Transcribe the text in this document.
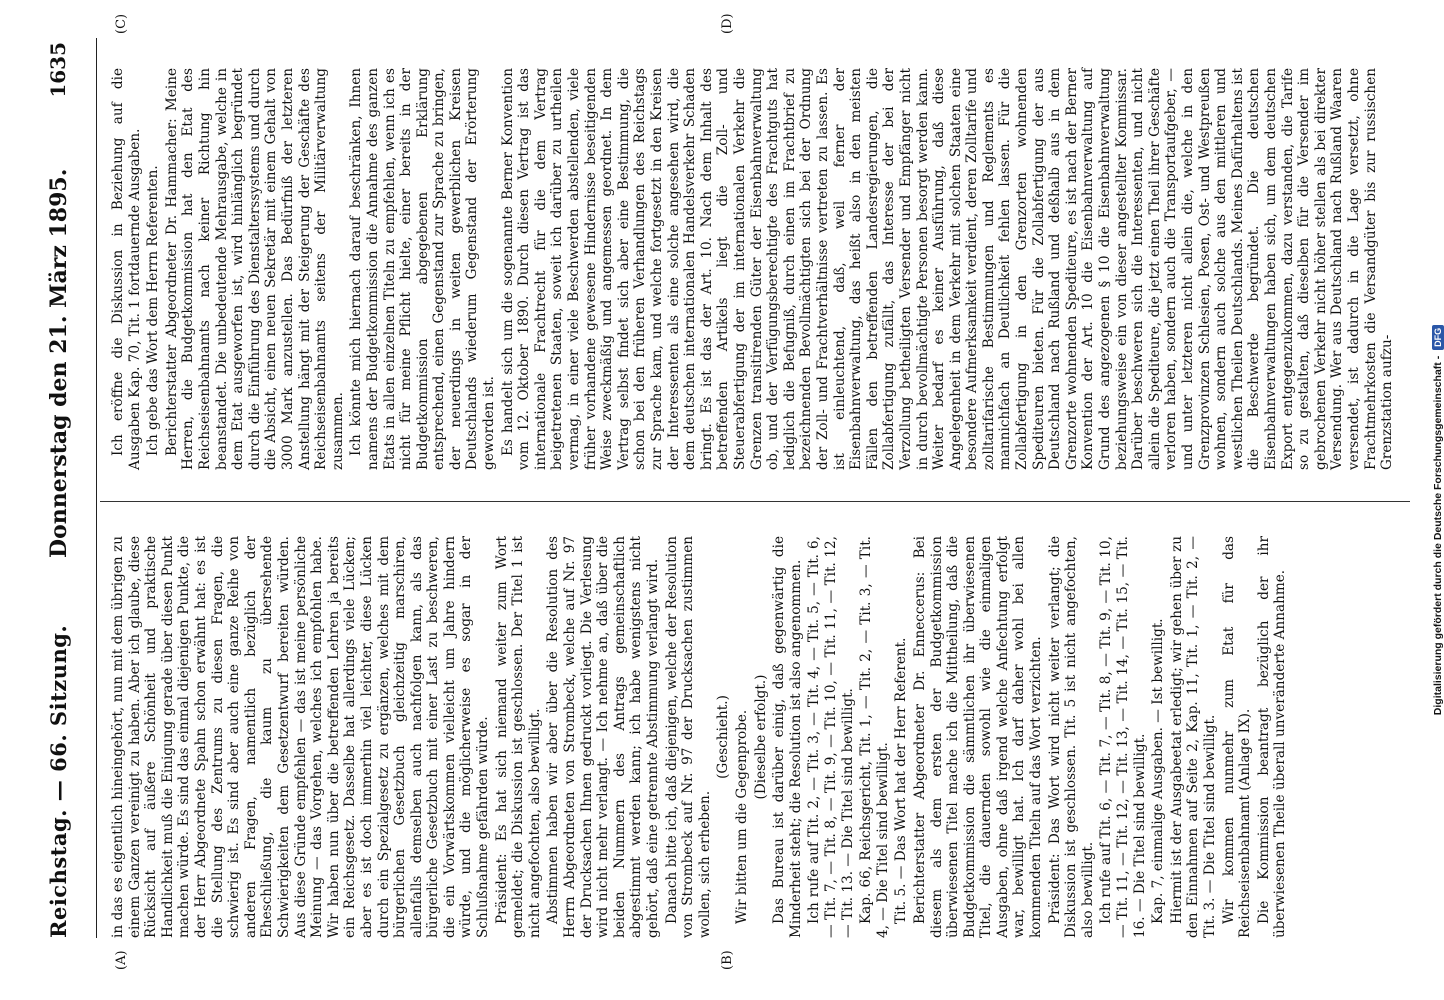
Reichstag. — 66. Sitzung.
Donnerstag den 21. März 1895.
1635
(A)	(B)
(C)	(D)

in das es eigentlich hineingehört, nun mit dem übrigen zu einem Ganzen vereinigt zu haben. Aber ich glaube, diese Rücksicht auf äußere Schönheit und praktische Handlichkeit muß die Einigung gerade über diesen Punkt machen würde. Es sind das einmal diejenigen Punkte, die der Herr Abgeordnete Spahn schon erwähnt hat: es ist die Stellung des Zentrums zu diesen Fragen, die schwierig ist. Es sind aber auch eine ganze Reihe von anderen Fragen, namentlich bezüglich der Eheschließung, die kaum zu übersehende Schwierigkeiten dem Gesetzentwurf bereiten würden. Aus diese Gründe empfehlen — das ist meine persönliche Meinung — das Vorgehen, welches ich empfohlen habe. Wir haben nun über die betreffenden Lehren ja bereits ein Reichsgesetz. Dasselbe hat allerdings viele Lücken; aber es ist doch immerhin viel leichter, diese Lücken durch ein Spezialgesetz zu ergänzen, welches mit dem bürgerlichen Gesetzbuch gleichzeitig marschiren, allenfalls demselben auch nachfolgen kann, als das bürgerliche Gesetzbuch mit einer Last zu beschweren, die ein Vorwärtskommen vielleicht um Jahre hindern würde, und die möglicherweise es sogar in der Schlußnahme gefährden würde. Präsident: Es hat sich niemand weiter zum Wort gemeldet; die Diskussion ist geschlossen. Der Titel 1 ist nicht angefochten, also bewilligt. Abstimmen haben wir aber über die Resolution des Herrn Abgeordneten von Strombeck, welche auf Nr. 97 der Drucksachen Ihnen gedruckt vorliegt. Die Verlesung wird nicht mehr verlangt. — Ich nehme an, daß über die beiden Nummern des Antrags gemeinschaftlich abgestimmt werden kann; ich habe wenigstens nicht gehört, daß eine getrennte Abstimmung verlangt wird. Danach bitte ich, daß diejenigen, welche der Resolution von Strombeck auf Nr. 97 der Drucksachen zustimmen wollen, sich erheben.

(Geschieht.) Wir bitten um die Gegenprobe. (Dieselbe erfolgt.) Das Bureau ist darüber einig, daß gegenwärtig die Minderheit steht; die Resolution ist also angenommen. Ich rufe auf Tit. 2, — Tit. 3, — Tit. 4, — Tit. 5, — Tit. 6, — Tit. 7, — Tit. 8, — Tit. 9, — Tit. 10, — Tit. 11, — Tit. 12, — Tit. 13. — Die Titel sind bewilligt. Kap. 66, Reichsgericht, Tit. 1, — Tit. 2, — Tit. 3, — Tit. 4, — Die Titel sind bewilligt. Tit. 5. — Das Wort hat der Herr Referent. Berichterstatter Abgeordneter Dr. Enneccerus: Bei diesem als dem ersten der Budgetkommission überwiesenen Titel mache ich die Mittheilung, daß die Budgetkommission die sämmtlichen ihr überwiesenen Titel, die dauernden sowohl wie die einmaligen Ausgaben, ohne daß irgend welche Anfechtung erfolgt war, bewilligt hat. Ich darf daher wohl bei allen kommenden Titeln auf das Wort verzichten. Präsident: Das Wort wird nicht weiter verlangt; die Diskussion ist geschlossen. Tit. 5 ist nicht angefochten, also bewilligt. Ich rufe auf Tit. 6, — Tit. 7, — Tit. 8, — Tit. 9, — Tit. 10, — Tit. 11, — Tit. 12, — Tit. 13, — Tit. 14, — Tit. 15, — Tit. 16. — Die Titel sind bewilligt. Kap. 7, einmalige Ausgaben. — Ist bewilligt. Hiermit ist der Ausgabeetat erledigt; wir gehen über zu den Einnahmen auf Seite 2, Kap. 11, Tit. 1, — Tit. 2, — Tit. 3. — Die Titel sind bewilligt. Wir kommen nunmehr zum Etat für das Reichseisenbahnamt (Anlage IX). Die Kommission beantragt bezüglich der ihr überwiesenen Theile überall unveränderte Annahme.

Ich eröffne die Diskussion in Beziehung auf die Ausgaben Kap. 70, Tit. 1 fortdauernde Ausgaben. Ich gebe das Wort dem Herrn Referenten. Berichterstatter Abgeordneter Dr. Hammacher: Meine Herren, die Budgetkommission hat den Etat des Reichseisenbahnamts nach keiner Richtung hin beanstandet. Die unbedeutende Mehrausgabe, welche in dem Etat ausgeworfen ist, wird hinlänglich begründet durch die Einführung des Dienstalterssystems und durch die Absicht, einen neuen Sekretär mit einem Gehalt von 3000 Mark anzustellen. Das Bedürfniß der letzteren Anstellung hängt mit der Steigerung der Geschäfte des Reichseisenbahnamts seitens der Militärverwaltung zusammen. Ich könnte mich hiernach darauf beschränken, Ihnen namens der Budgetkommission die Annahme des ganzen Etats in allen einzelnen Titeln zu empfehlen, wenn ich es nicht für meine Pflicht hielte, einer bereits in der Budgetkommission abgegebenen Erklärung entsprechend, einen Gegenstand zur Sprache zu bringen, der neuerdings in weiten gewerblichen Kreisen Deutschlands wiederum Gegenstand der Erörterung geworden ist. Es handelt sich um die sogenannte Berner Konvention vom 12. Oktober 1890. Durch diesen Vertrag ist das internationale Frachtrecht für die dem Vertrag beigetretenen Staaten, soweit ich darüber zu urtheilen vermag, in einer viele Beschwerden abstellenden, viele früher vorhandene gewesene Hindernisse beseitigenden Weise zweckmäßig und angemessen geordnet. In dem Vertrag selbst findet sich aber eine Bestimmung, die schon bei den früheren Verhandlungen des Reichstags zur Sprache kam, und welche fortgesetzt in den Kreisen der Interessenten als eine solche angesehen wird, die dem deutschen internationalen Handelsverkehr Schaden bringt. Es ist das der Art. 10. Nach dem Inhalt des betreffenden Artikels liegt die Zoll- und Steuerabfertigung der im internationalen Verkehr die Grenzen transitirenden Güter der Eisenbahnverwaltung ob, und der Verfügungsberechtigte des Frachtguts hat lediglich die Befugniß, durch einen im Frachtbrief zu bezeichnenden Bevollmächtigten sich bei der Ordnung der Zoll- und Frachtverhältnisse vertreten zu lassen. Es ist einleuchtend, daß, weil ferner der Eisenbahnverwaltung, das heißt also in den meisten Fällen den betreffenden Landesregierungen, die Zollabfertigung zufällt, das Interesse der bei der Verzollung betheiligten Versender und Empfänger nicht in durch bevollmächtigte Personen besorgt werden kann. Weiter bedarf es keiner Ausführung, daß diese Angelegenheit in dem Verkehr mit solchen Staaten eine besondere Aufmerksamkeit verdient, deren Zolltarife und zolltarifarische Bestimmungen und Reglements es mannichfach an Deutlichkeit fehlen lassen. Für die Zollabfertigung in den Grenzorten wohnenden Spediteuren bieten. Für die Zollabfertigung der aus Deutschland nach Rußland und deßhalb aus in dem Grenzorte wohnenden Spediteure, es ist nach der Berner Konvention der Art. 10 die Eisenbahnverwaltung auf Grund des angezogenen § 10 die Eisenbahnverwaltung beziehungsweise ein von dieser angestellter Kommissar. Darüber beschweren sich die Interessenten, und nicht allein die Spediteure, die jetzt einen Theil ihrer Geschäfte verloren haben, sondern auch die Transportaufgeber, — und unter letzteren nicht allein die, welche in den Grenzprovinzen Schlesien, Posen, Ost- und Westpreußen wohnen, sondern auch solche aus den mittleren und westlichen Theilen Deutschlands. Meines Dafürhaltens ist die Beschwerde begründet. Die deutschen Eisenbahnverwaltungen haben sich, um dem deutschen Export entgegenzukommen, dazu verstanden, die Tarife so zu gestalten, daß dieselben für die Versender im gebrochenen Verkehr nicht höher stellen als bei direkter Versendung. Wer aus Deutschland nach Rußland Waaren versendet, ist dadurch in die Lage versetzt, ohne Frachtmehrkosten die Versandgüter bis zur russischen Grenzstation aufzu-	Digitalisierung gefördert durch die Deutsche Forschungsgemeinschaft -DFG
